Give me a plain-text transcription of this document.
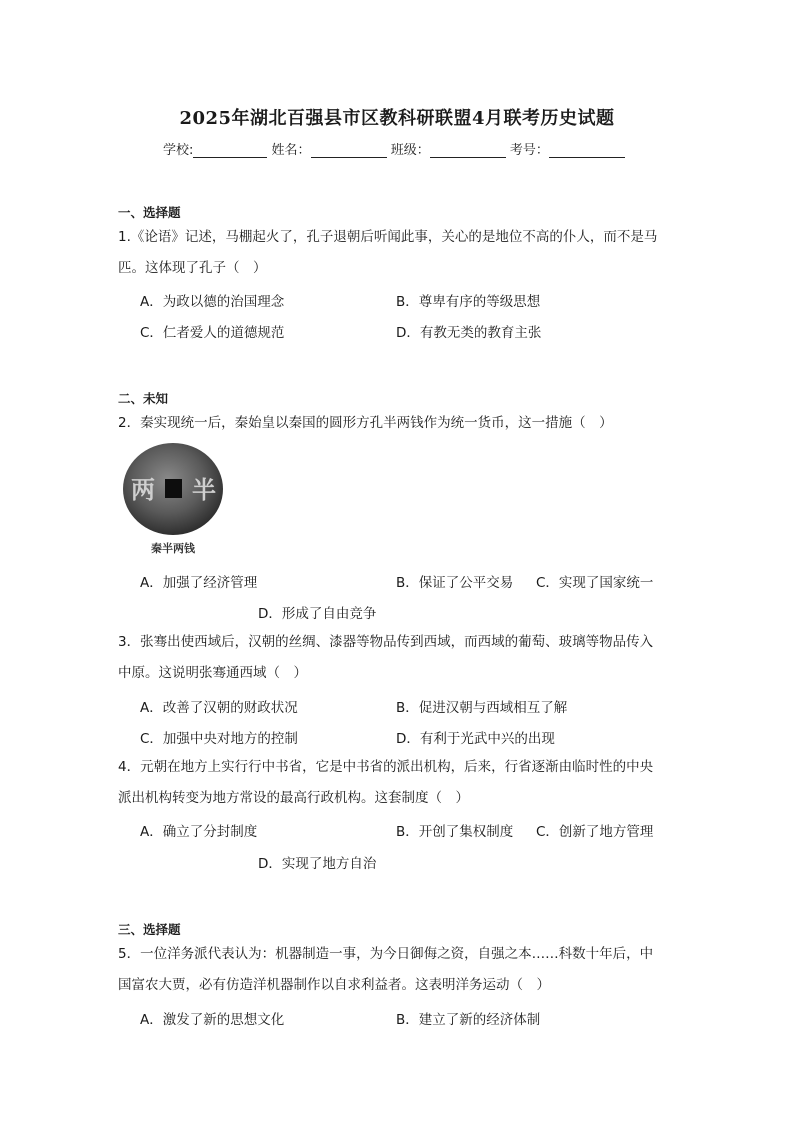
2025年湖北百强县市区教科研联盟4月联考历史试题
学校:	姓名：	班级：	考号：
一、选择题
1.《论语》记述，马棚起火了，孔子退朝后听闻此事，关心的是地位不高的仆人，而不是马
匹。这体现了孔子（　）
A．为政以德的治国理念	B．尊卑有序的等级思想
C．仁者爱人的道德规范	D．有教无类的教育主张
二、未知
2．秦实现统一后，秦始皇以秦国的圆形方孔半两钱作为统一货币，这一措施（　）
两 半
秦半两钱
A．加强了经济管理	B．保证了公平交易 C．实现了国家统一
D．形成了自由竞争
3．张骞出使西域后，汉朝的丝绸、漆器等物品传到西域，而西域的葡萄、玻璃等物品传入
中原。这说明张骞通西域（　）
A．改善了汉朝的财政状况	B．促进汉朝与西域相互了解
C．加强中央对地方的控制	D．有利于光武中兴的出现
4．元朝在地方上实行行中书省，它是中书省的派出机构，后来，行省逐渐由临时性的中央
派出机构转变为地方常设的最高行政机构。这套制度（　）
A．确立了分封制度	B．开创了集权制度 C．创新了地方管理
D．实现了地方自治
三、选择题
5．一位洋务派代表认为：机器制造一事，为今日御侮之资，自强之本……科数十年后，中
国富农大贾，必有仿造洋机器制作以自求利益者。这表明洋务运动（　）
A．激发了新的思想文化	B．建立了新的经济体制
